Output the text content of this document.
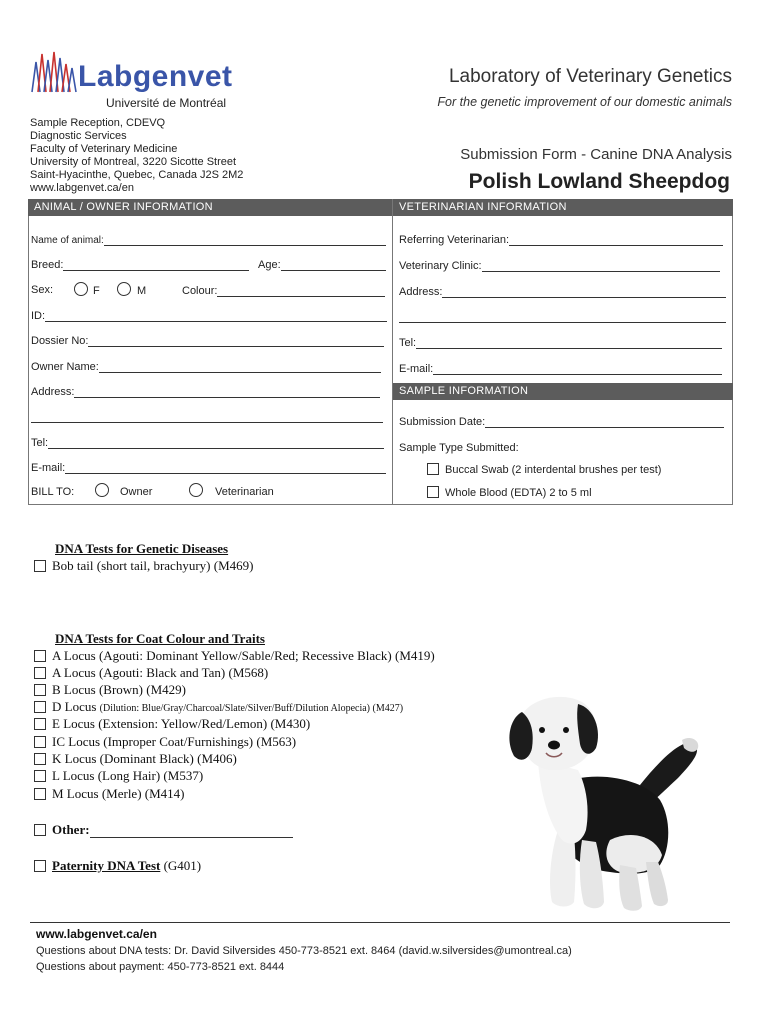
Labgenvet
Université de Montréal
Laboratory of Veterinary Genetics
For the genetic improvement of our domestic animals
Submission Form - Canine DNA Analysis
Polish Lowland Sheepdog
Sample Reception, CDEVQ
Diagnostic Services
Faculty of Veterinary Medicine
University of Montreal, 3220 Sicotte Street
Saint-Hyacinthe, Quebec, Canada J2S 2M2
www.labgenvet.ca/en
ANIMAL / OWNER INFORMATION	VETERINARIAN INFORMATION
SAMPLE INFORMATION
Name of animal:
Breed:	Age:
Sex:	F	M	Colour:
ID:
Dossier No:
Owner Name:
Address:
Tel:
E-mail:
BILL TO:	Owner	Veterinarian
Referring Veterinarian:
Veterinary Clinic:
Address:
Tel:
E-mail:
Submission Date:
Sample Type Submitted:
Buccal Swab (2 interdental brushes per test)
Whole Blood (EDTA) 2 to 5 ml
DNA Tests for Genetic Diseases
Bob tail (short tail, brachyury) (M469)
DNA Tests for Coat Colour and Traits
A Locus (Agouti: Dominant Yellow/Sable/Red; Recessive Black) (M419)
A Locus (Agouti: Black and Tan) (M568)
B Locus (Brown) (M429)
D Locus (Dilution: Blue/Gray/Charcoal/Slate/Silver/Buff/Dilution Alopecia) (M427)
E Locus (Extension: Yellow/Red/Lemon) (M430)
IC Locus (Improper Coat/Furnishings) (M563)
K Locus (Dominant Black) (M406)
L Locus (Long Hair) (M537)
M Locus (Merle) (M414)
Other:
Paternity DNA Test (G401)
www.labgenvet.ca/en
Questions about DNA tests: Dr. David Silversides 450-773-8521 ext. 8464 (david.w.silversides@umontreal.ca)
Questions about payment: 450-773-8521 ext. 8444
